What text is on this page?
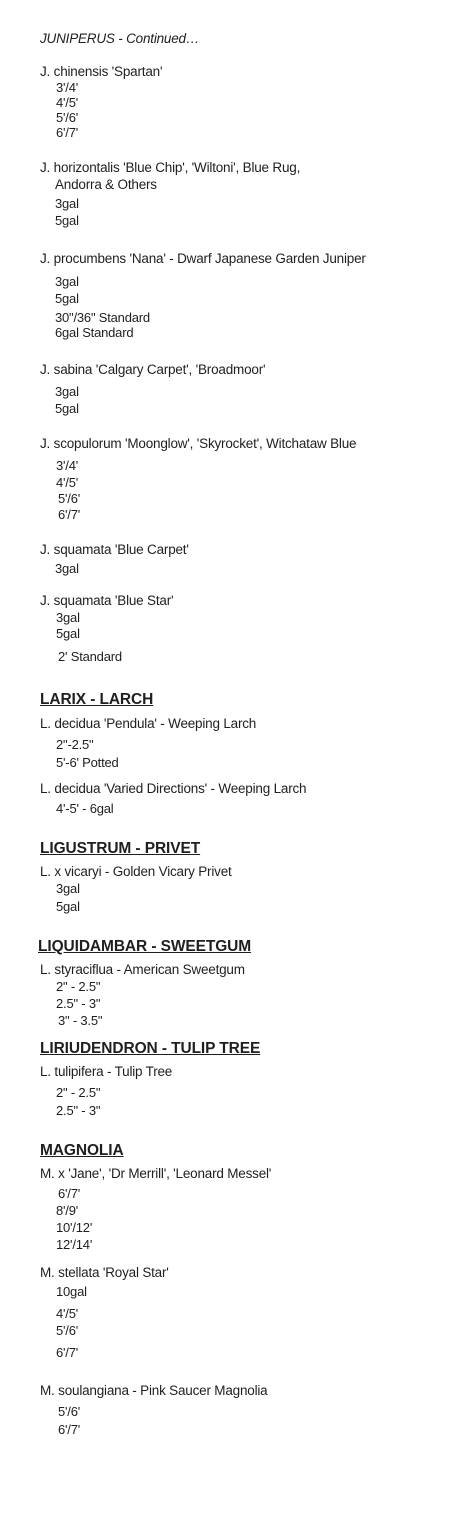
JUNIPERUS - Continued…
J. chinensis 'Spartan'
3'/4'
4'/5'
5'/6'
6'/7'
J. horizontalis 'Blue Chip', 'Wiltoni', Blue Rug,
Andorra & Others
3gal
5gal
J. procumbens 'Nana' - Dwarf Japanese Garden Juniper
3gal
5gal
30"/36" Standard
6gal Standard
J. sabina 'Calgary Carpet', 'Broadmoor'
3gal
5gal
J. scopulorum 'Moonglow', 'Skyrocket', Witchataw Blue
3'/4'
4'/5'
5'/6'
6'/7'
J. squamata 'Blue Carpet'
3gal
J. squamata 'Blue Star'
3gal
5gal
2' Standard
LARIX - LARCH
L. decidua 'Pendula' - Weeping Larch
2"-2.5"
5'-6' Potted
L. decidua 'Varied Directions' - Weeping Larch
4'-5' - 6gal
LIGUSTRUM - PRIVET
L. x vicaryi - Golden Vicary Privet
3gal
5gal
LIQUIDAMBAR - SWEETGUM
L. styraciflua - American Sweetgum
2" - 2.5"
2.5" - 3"
3" - 3.5"
LIRIUDENDRON - TULIP TREE
L. tulipifera - Tulip Tree
2" - 2.5"
2.5" - 3"
MAGNOLIA
M. x 'Jane', 'Dr Merrill', 'Leonard Messel'
6'/7'
8'/9'
10'/12'
12'/14'
M. stellata 'Royal Star'
10gal
4'/5'
5'/6'
6'/7'
M. soulangiana - Pink Saucer Magnolia
5'/6'
6'/7'
